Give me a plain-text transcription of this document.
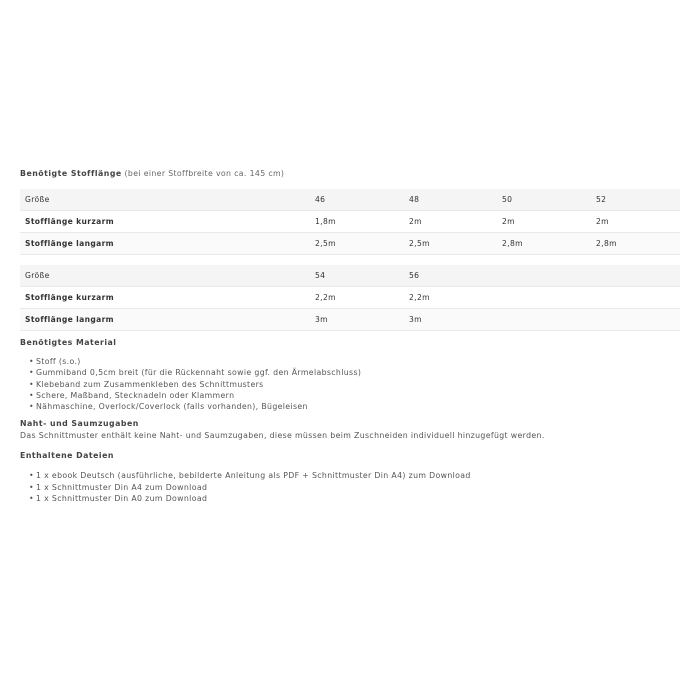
Benötigte Stofflänge (bei einer Stoffbreite von ca. 145 cm)
Größe	46	48	50	52
Stofflänge kurzarm	1,8m	2m	2m	2m
Stofflänge langarm	2,5m	2,5m	2,8m	2,8m
Größe	54	56		
Stofflänge kurzarm	2,2m	2,2m		
Stofflänge langarm	3m	3m		
Benötigtes Material
• Stoff (s.o.)
• Gummiband 0,5cm breit (für die Rückennaht sowie ggf. den Ärmelabschluss)
• Klebeband zum Zusammenkleben des Schnittmusters
• Schere, Maßband, Stecknadeln oder Klammern
• Nähmaschine, Overlock/Coverlock (falls vorhanden), Bügeleisen
Naht- und Saumzugaben

Das Schnittmuster enthält keine Naht- und Saumzugaben, diese müssen beim Zuschneiden individuell hinzugefügt werden.

Enthaltene Dateien
• 1 x ebook Deutsch (ausführliche, bebilderte Anleitung als PDF + Schnittmuster Din A4) zum Download
• 1 x Schnittmuster Din A4 zum Download
• 1 x Schnittmuster Din A0 zum Download
